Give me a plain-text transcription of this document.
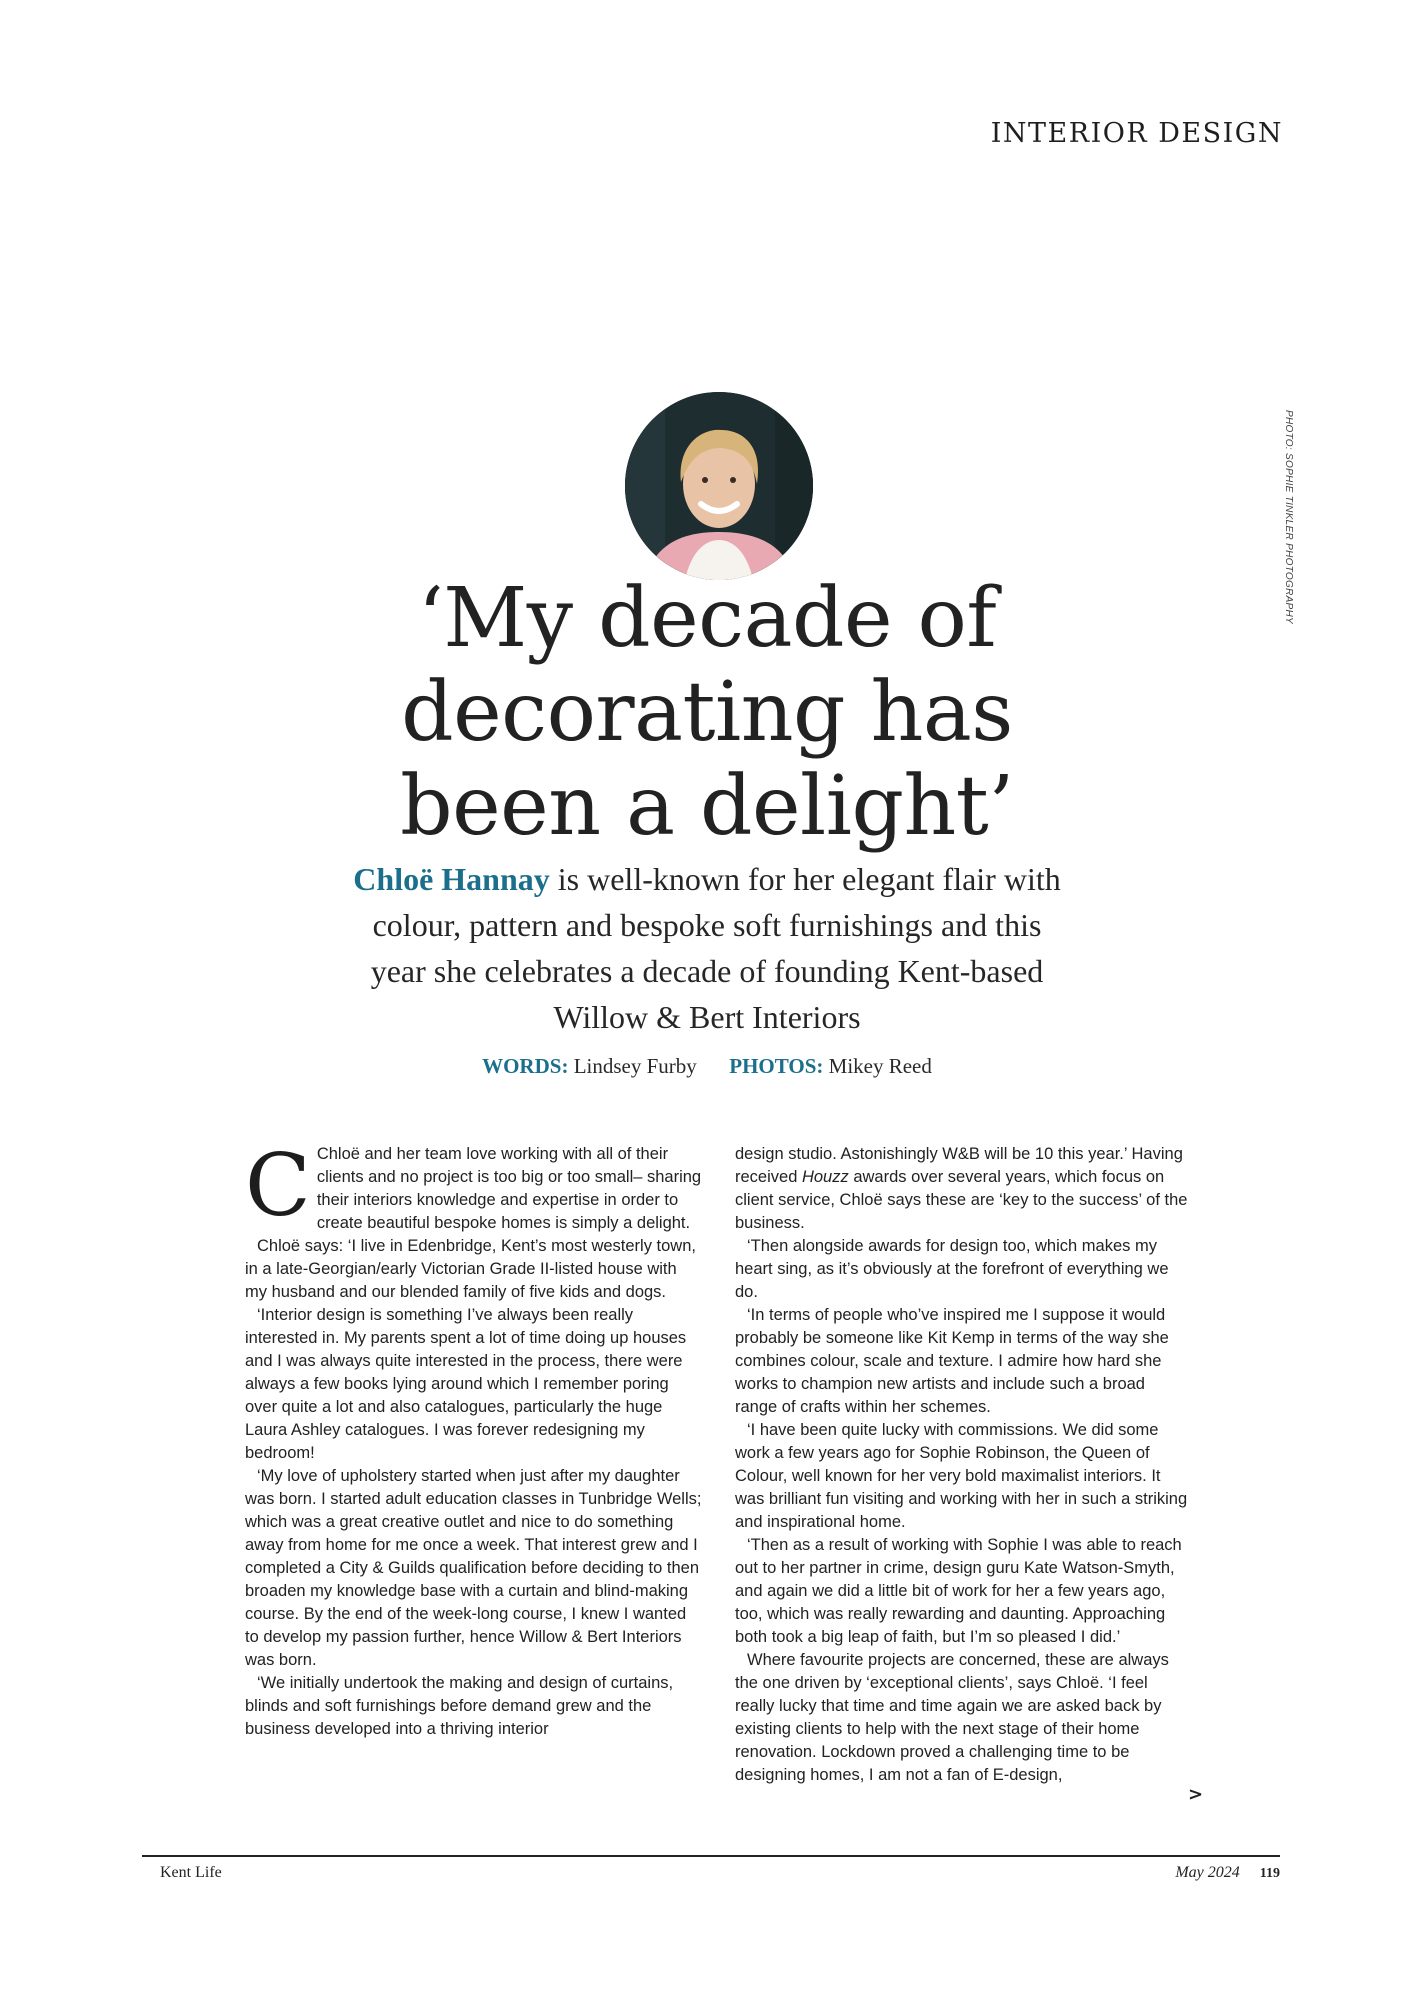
INTERIOR DESIGN
PHOTO: SOPHIE TINKLER PHOTOGRAPHY
‘My decade of decorating has been a delight’

Chloë Hannay is well-known for her elegant flair with colour, pattern and bespoke soft furnishings and this year she celebrates a decade of founding Kent-based Willow & Bert Interiors

WORDS: Lindsey Furby PHOTOS: Mikey Reed

C Chloë and her team love working with all of their clients and no project is too big or too small– sharing their interiors knowledge and expertise in order to create beautiful bespoke homes is simply a delight.

Chloë says: ‘I live in Edenbridge, Kent’s most westerly town, in a late-Georgian/early Victorian Grade II-listed house with my husband and our blended family of five kids and dogs.

‘Interior design is something I’ve always been really interested in. My parents spent a lot of time doing up houses and I was always quite interested in the process, there were always a few books lying around which I remember poring over quite a lot and also catalogues, particularly the huge Laura Ashley catalogues. I was forever redesigning my bedroom!

‘My love of upholstery started when just after my daughter was born. I started adult education classes in Tunbridge Wells; which was a great creative outlet and nice to do something away from home for me once a week. That interest grew and I completed a City & Guilds qualification before deciding to then broaden my knowledge base with a curtain and blind-making course. By the end of the week-long course, I knew I wanted to develop my passion further, hence Willow & Bert Interiors was born.

‘We initially undertook the making and design of curtains, blinds and soft furnishings before demand grew and the business developed into a thriving interior

design studio. Astonishingly W&B will be 10 this year.’ Having received Houzz awards over several years, which focus on client service, Chloë says these are ‘key to the success’ of the business.

‘Then alongside awards for design too, which makes my heart sing, as it’s obviously at the forefront of everything we do.

‘In terms of people who’ve inspired me I suppose it would probably be someone like Kit Kemp in terms of the way she combines colour, scale and texture. I admire how hard she works to champion new artists and include such a broad range of crafts within her schemes.

‘I have been quite lucky with commissions. We did some work a few years ago for Sophie Robinson, the Queen of Colour, well known for her very bold maximalist interiors. It was brilliant fun visiting and working with her in such a striking and inspirational home.

‘Then as a result of working with Sophie I was able to reach out to her partner in crime, design guru Kate Watson-Smyth, and again we did a little bit of work for her a few years ago, too, which was really rewarding and daunting. Approaching both took a big leap of faith, but I’m so pleased I did.’

Where favourite projects are concerned, these are always the one driven by ‘exceptional clients’, says Chloë. ‘I feel really lucky that time and time again we are asked back by existing clients to help with the next stage of their home renovation. Lockdown proved a challenging time to be designing homes, I am not a fan of E-design,

>
Kent Life	May 2024 119
